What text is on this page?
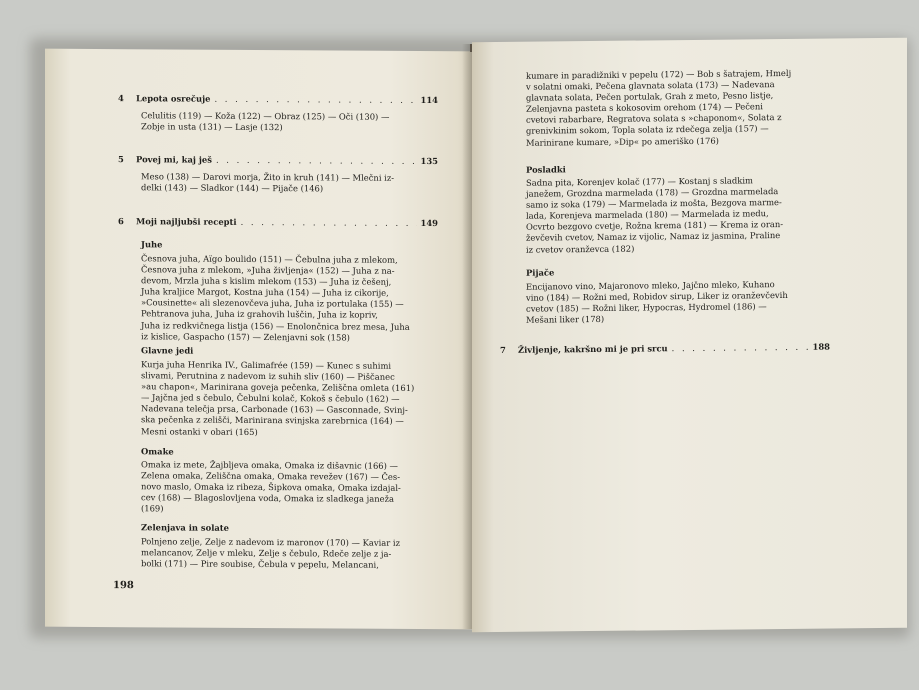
4	Lepota osrečuje . . .	114
Celulitis (119) — Koža (122) — Obraz (125) — Oči (130) —
Zobje in usta (131) — Lasje (132)
5	Povej mi, kaj ješ . . .	135
Meso (138) — Darovi morja, Žito in kruh (141) — Mlečni iz-
delki (143) — Sladkor (144) — Pijače (146)
6	Moji najljubši recepti . . .	149
Juhe
Česnova juha, Aïgo boulido (151) — Čebulna juha z mlekom,
Česnova juha z mlekom, »Juha življenja« (152) — Juha z na-
devom, Mrzla juha s kislim mlekom (153) — Juha iz češenj,
Juha kraljice Margot, Kostna juha (154) — Juha iz cikorije,
»Cousinette« ali slezenovčeva juha, Juha iz portulaka (155) —
Pehtranova juha, Juha iz grahovih luščin, Juha iz kopriv,
Juha iz redkvičnega listja (156) — Enolončnica brez mesa, Juha
iz kislice, Gaspacho (157) — Zelenjavni sok (158)
Glavne jedi
Kurja juha Henrika IV., Galimafrée (159) — Kunec s suhimi
slivami, Perutnina z nadevom iz suhih sliv (160) — Piščanec
»au chapon«, Marinirana goveja pečenka, Zeliščna omleta (161)
— Jajčna jed s čebulo, Čebulni kolač, Kokoš s čebulo (162) —
Nadevana telečja prsa, Carbonade (163) — Gasconnade, Svinj-
ska pečenka z zelišči, Marinirana svinjska zarebrnica (164) —
Mesni ostanki v obari (165)
Omake
Omaka iz mete, Žajbljeva omaka, Omaka iz dišavnic (166) —
Zelena omaka, Zeliščna omaka, Omaka revežev (167) — Čes-
novo maslo, Omaka iz ribeza, Šipkova omaka, Omaka izdajal-
cev (168) — Blagoslovljena voda, Omaka iz sladkega janeža
(169)
Zelenjava in solate
Polnjeno zelje, Zelje z nadevom iz maronov (170) — Kaviar iz
melancanov, Zelje v mleku, Zelje s čebulo, Rdeče zelje z ja-
bolki (171) — Pire soubise, Čebula v pepelu, Melancani,
198
kumare in paradižniki v pepelu (172) — Bob s šatrajem, Hmelj
v solatni omaki, Pečena glavnata solata (173) — Nadevana
glavnata solata, Pečen portulak, Grah z meto, Pesno listje,
Zelenjavna pasteta s kokosovim orehom (174) — Pečeni
cvetovi rabarbare, Regratova solata s »chaponom«, Solata z
grenivkinim sokom, Topla solata iz rdečega zelja (157) —
Marinirane kumare, »Dip« po ameriško (176)
Posladki
Sadna pita, Korenjev kolač (177) — Kostanj s sladkim
janežem, Grozdna marmelada (178) — Grozdna marmelada
samo iz soka (179) — Marmelada iz mošta, Bezgova marme-
lada, Korenjeva marmelada (180) — Marmelada iz medu,
Ocvrto bezgovo cvetje, Rožna krema (181) — Krema iz oran-
ževčevih cvetov, Namaz iz vijolic, Namaz iz jasmina, Praline
iz cvetov oranževca (182)
Pijače
Encijanovo vino, Majaronovo mleko, Jajčno mleko, Kuhano
vino (184) — Rožni med, Robidov sirup, Liker iz oranževčevih
cvetov (185) — Rožni liker, Hypocras, Hydromel (186) —
Mešani liker (178)
7	Življenje, kakršno mi je pri srcu . . .	188
